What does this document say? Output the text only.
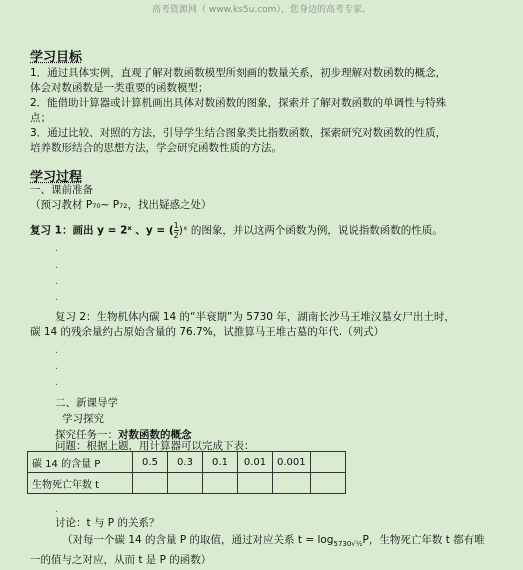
高考资源网（ www.ks5u.com），您身边的高考专家。
学习目标
1．通过具体实例，直观了解对数函数模型所刻画的数量关系，初步理解对数函数的概念，
体会对数函数是一类重要的函数模型；
2．能借助计算器或计算机画出具体对数函数的图象，探索并了解对数函数的单调性与特殊
点；
3．通过比较、对照的方法，引导学生结合图象类比指数函数，探索研究对数函数的性质，
培养数形结合的思想方法，学会研究函数性质的方法。
学习过程
一、课前准备
（预习教材 P₇₀~ P₇₂，找出疑惑之处）
复习 1：画出 y = 2ˣ 、y = ( $\frac{1}{2}$ )ˣ 的图象，并以这两个函数为例，说说指数函数的性质。
.
.
.
.
复习 2：生物机体内碳 14 的“半衰期”为 5730 年，湖南长沙马王堆汉墓女尸出土时，
碳 14 的残余量约占原始含量的 76.7%，试推算马王堆古墓的年代.（列式）
.
.
.
二、新课导学
学习探究
探究任务一：对数函数的概念
问题：根据上题，用计算器可以完成下表：
碳 14 的含量 P	0.5	0.3	0.1	0.01	0.001	
生物死亡年数 t						
.
讨论：t 与 P 的关系？
（对每一个碳 14 的含量 P 的取值，通过对应关系 $t = \log_{5730√\frac{1}{2}}P$，生物死亡年数 t 都有唯
一的值与之对应，从而 t 是 P 的函数）
